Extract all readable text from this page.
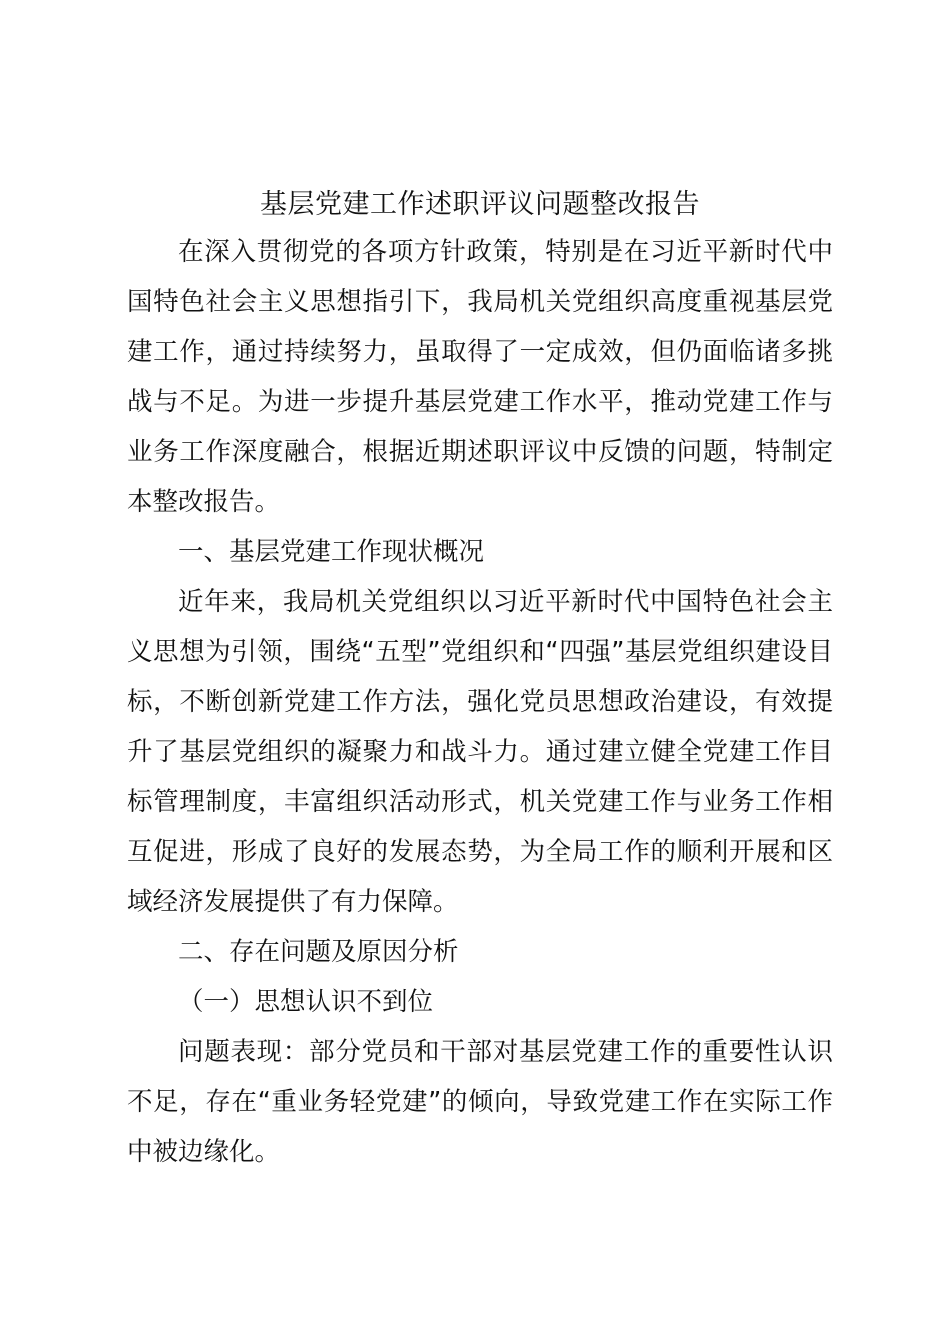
基层党建工作述职评议问题整改报告

在深入贯彻党的各项方针政策，特别是在习近平新时代中国特色社会主义思想指引下，我局机关党组织高度重视基层党建工作，通过持续努力，虽取得了一定成效，但仍面临诸多挑战与不足。为进一步提升基层党建工作水平，推动党建工作与业务工作深度融合，根据近期述职评议中反馈的问题，特制定本整改报告。

一、基层党建工作现状概况

近年来，我局机关党组织以习近平新时代中国特色社会主义思想为引领，围绕“五型”党组织和“四强”基层党组织建设目标，不断创新党建工作方法，强化党员思想政治建设，有效提升了基层党组织的凝聚力和战斗力。通过建立健全党建工作目标管理制度，丰富组织活动形式，机关党建工作与业务工作相互促进，形成了良好的发展态势，为全局工作的顺利开展和区域经济发展提供了有力保障。

二、存在问题及原因分析

（一）思想认识不到位

问题表现：部分党员和干部对基层党建工作的重要性认识不足，存在“重业务轻党建”的倾向，导致党建工作在实际工作中被边缘化。
